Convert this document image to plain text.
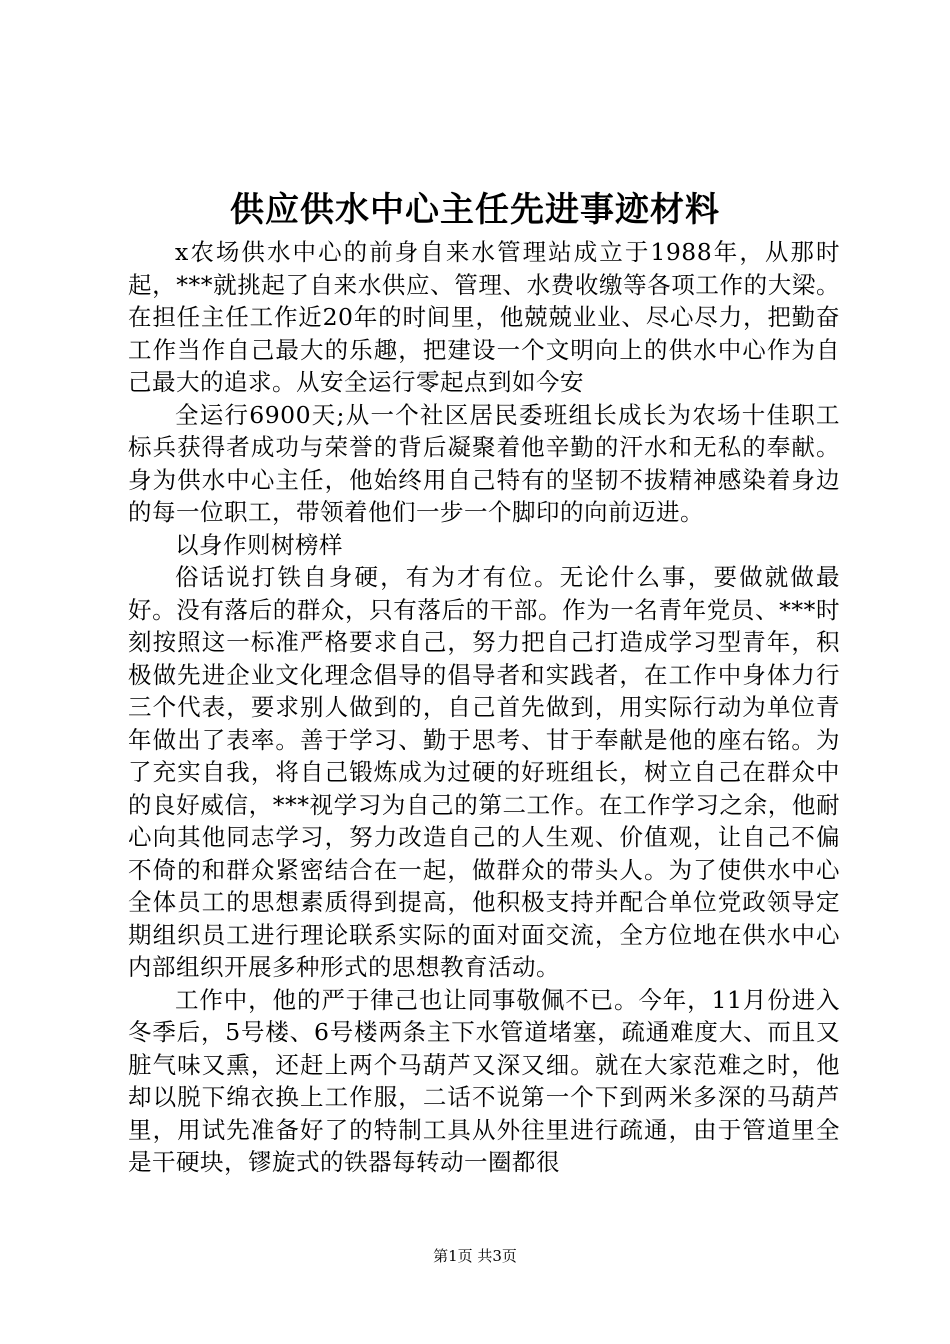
供应供水中心主任先进事迹材料

x农场供水中心的前身自来水管理站成立于1988年，从那时起，***就挑起了自来水供应、管理、水费收缴等各项工作的大梁。在担任主任工作近20年的时间里，他兢兢业业、尽心尽力，把勤奋工作当作自己最大的乐趣，把建设一个文明向上的供水中心作为自己最大的追求。从安全运行零起点到如今安

全运行6900天;从一个社区居民委班组长成长为农场十佳职工标兵获得者成功与荣誉的背后凝聚着他辛勤的汗水和无私的奉献。身为供水中心主任，他始终用自己特有的坚韧不拔精神感染着身边的每一位职工，带领着他们一步一个脚印的向前迈进。

以身作则树榜样

俗话说打铁自身硬，有为才有位。无论什么事，要做就做最好。没有落后的群众，只有落后的干部。作为一名青年党员、***时刻按照这一标准严格要求自己，努力把自己打造成学习型青年，积极做先进企业文化理念倡导的倡导者和实践者，在工作中身体力行三个代表，要求别人做到的，自己首先做到，用实际行动为单位青年做出了表率。善于学习、勤于思考、甘于奉献是他的座右铭。为了充实自我，将自己锻炼成为过硬的好班组长，树立自己在群众中的良好威信，***视学习为自己的第二工作。在工作学习之余，他耐心向其他同志学习，努力改造自己的人生观、价值观，让自己不偏不倚的和群众紧密结合在一起，做群众的带头人。为了使供水中心全体员工的思想素质得到提高，他积极支持并配合单位党政领导定期组织员工进行理论联系实际的面对面交流，全方位地在供水中心内部组织开展多种形式的思想教育活动。

工作中，他的严于律己也让同事敬佩不已。今年，11月份进入冬季后，5号楼、6号楼两条主下水管道堵塞，疏通难度大、而且又脏气味又熏，还赶上两个马葫芦又深又细。就在大家范难之时，他却以脱下绵衣换上工作服，二话不说第一个下到两米多深的马葫芦里，用试先准备好了的特制工具从外往里进行疏通，由于管道里全是干硬块，镠旋式的铁器每转动一圈都很

第1页 共3页
